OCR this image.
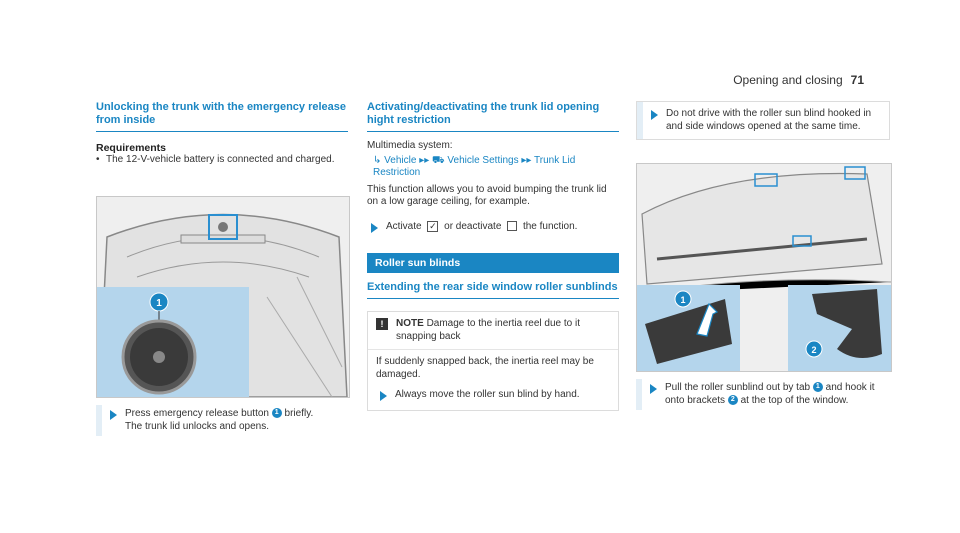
Opening and closing 71
Unlocking the trunk with the emergency release from inside
Requirements
• The 12-V-vehicle battery is connected and charged.
1
Press emergency release button 1 briefly.
The trunk lid unlocks and opens.
Activating/deactivating the trunk lid opening hight restriction
Multimedia system:
↳ Vehicle ▸▸ ⛟ Vehicle Settings ▸▸ Trunk Lid Restriction
This function allows you to avoid bumping the trunk lid on a low garage ceiling, for example.
Activate ✓ or deactivate the function.
Roller sun blinds
Extending the rear side window roller sunblinds
!	NOTE Damage to the inertia reel due to it snapping back
If suddenly snapped back, the inertia reel may be damaged.
Always move the roller sun blind by hand.
Do not drive with the roller sun blind hooked in and side windows opened at the same time.
1
2
Pull the roller sunblind out by tab 1 and hook it onto brackets 2 at the top of the window.
